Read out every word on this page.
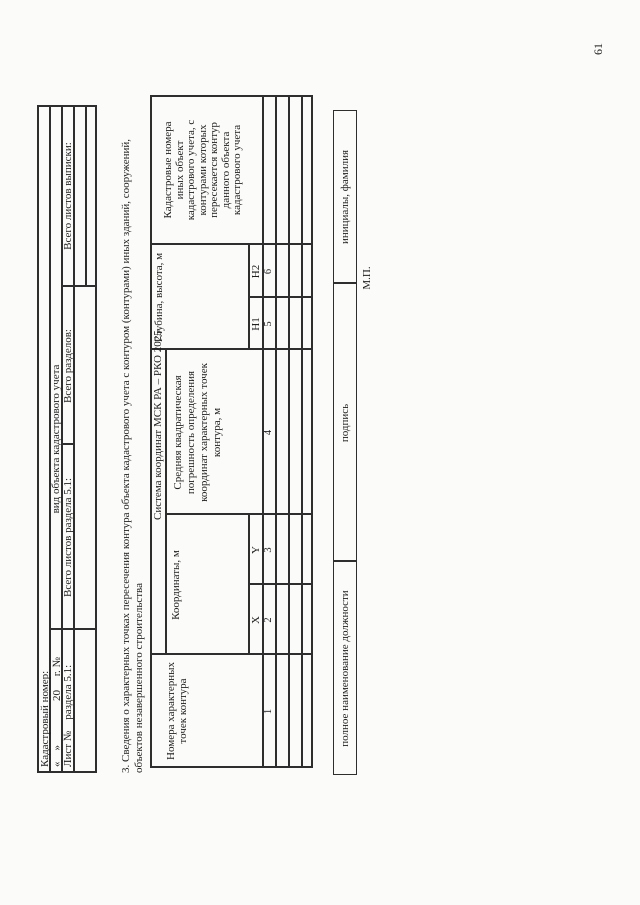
61
Кадастровый номер: «    »                20     г. №
вид объекта кадастрового учета
Лист №    раздела 5.1:
Всего листов раздела 5.1:
Всего разделов:
Всего листов выписки:	3. Сведения о характерных точках пересечения контура объекта кадастрового учета с контуром (контурами) иных зданий, сооружений, объектов незавершенного строительства
Система координат МСК РА – РКО 2025
Номера характерных точек контура
Координаты, м
Средняя квадратическая погрешность определения координат характерных точек контура, м
Глубина, высота, м
Кадастровые номера иных объект кадастрового учета, с контурами которых пересекается контур данного объекта кадастрового учета
X
Y
Н1
Н2
1
2
3
4
5
6
полное наименование должности
подпись
инициалы, фамилия
М.П.
